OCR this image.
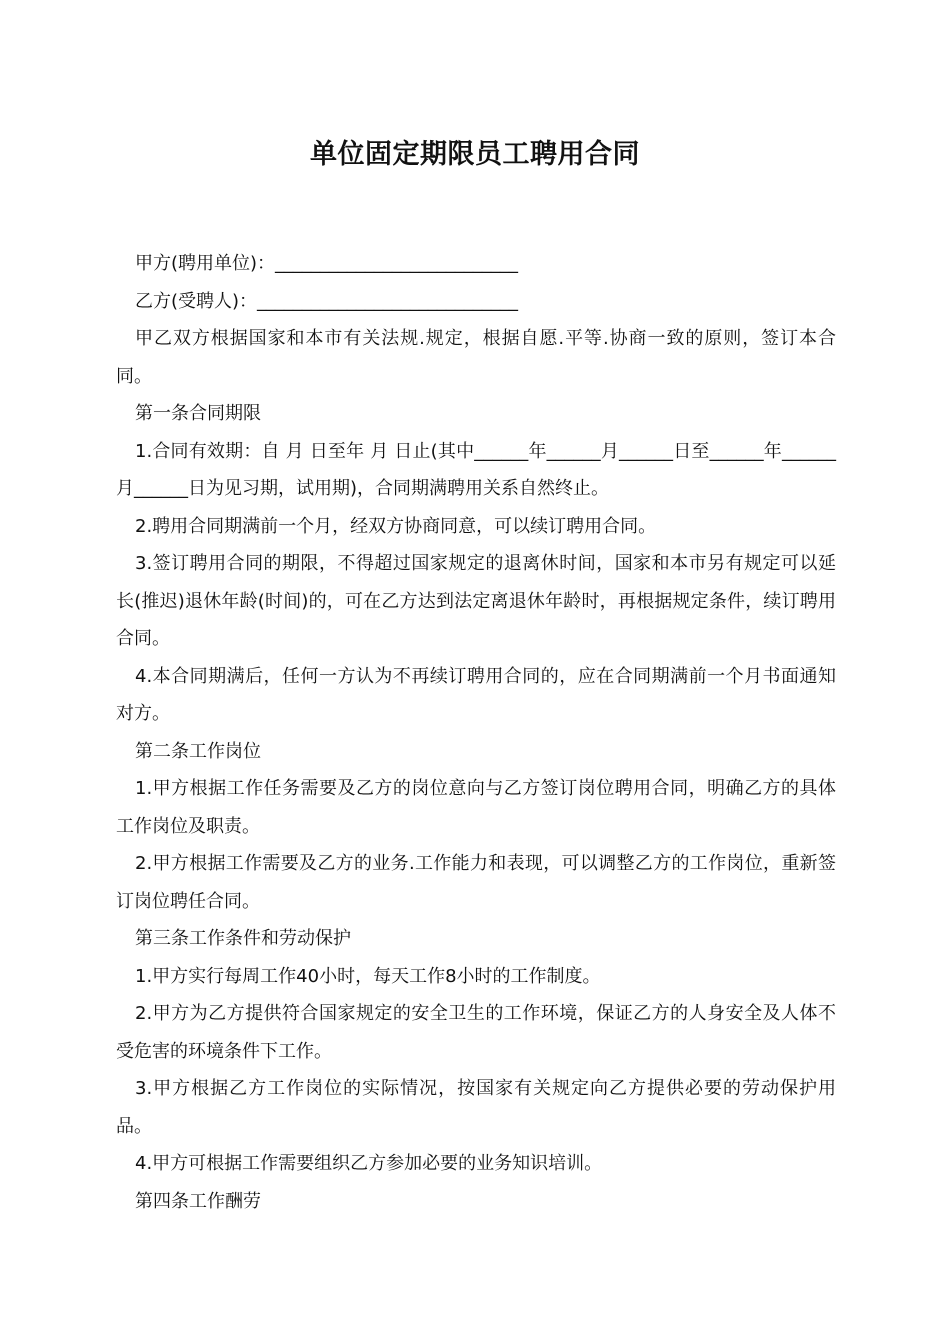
单位固定期限员工聘用合同

甲方(聘用单位)：___________________________

乙方(受聘人)：_____________________________

甲乙双方根据国家和本市有关法规.规定，根据自愿.平等.协商一致的原则，签订本合同。

第一条合同期限

1.合同有效期：自 月 日至年 月 日止(其中______年______月______日至______年______月______日为见习期，试用期)，合同期满聘用关系自然终止。

2.聘用合同期满前一个月，经双方协商同意，可以续订聘用合同。

3.签订聘用合同的期限，不得超过国家规定的退离休时间，国家和本市另有规定可以延长(推迟)退休年龄(时间)的，可在乙方达到法定离退休年龄时，再根据规定条件，续订聘用合同。

4.本合同期满后，任何一方认为不再续订聘用合同的，应在合同期满前一个月书面通知对方。

第二条工作岗位

1.甲方根据工作任务需要及乙方的岗位意向与乙方签订岗位聘用合同，明确乙方的具体工作岗位及职责。

2.甲方根据工作需要及乙方的业务.工作能力和表现，可以调整乙方的工作岗位，重新签订岗位聘任合同。

第三条工作条件和劳动保护

1.甲方实行每周工作40小时，每天工作8小时的工作制度。

2.甲方为乙方提供符合国家规定的安全卫生的工作环境，保证乙方的人身安全及人体不受危害的环境条件下工作。

3.甲方根据乙方工作岗位的实际情况，按国家有关规定向乙方提供必要的劳动保护用品。

4.甲方可根据工作需要组织乙方参加必要的业务知识培训。

第四条工作酬劳
